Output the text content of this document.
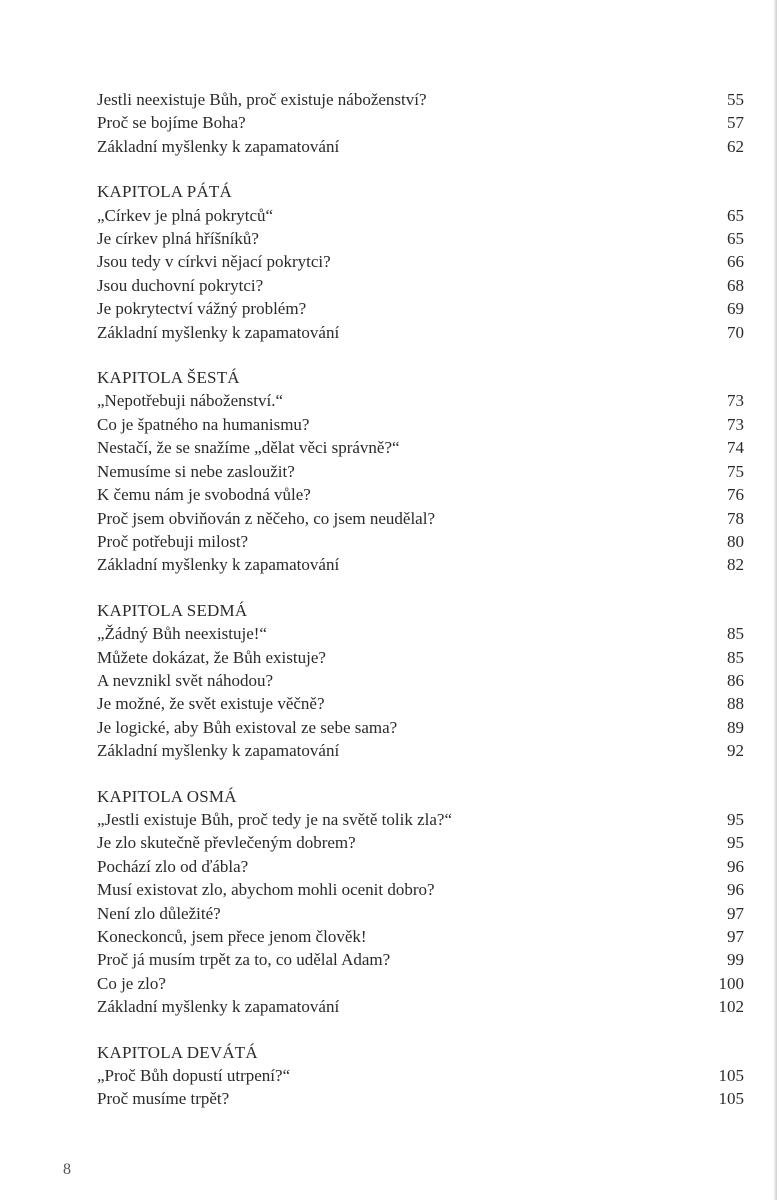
Jestli neexistuje Bůh, proč existuje náboženství?	55
Proč se bojíme Boha?	57
Základní myšlenky k zapamatování	62
KAPITOLA PÁTÁ
„Církev je plná pokrytců“	65
Je církev plná hříšníků?	65
Jsou tedy v církvi nějací pokrytci?	66
Jsou duchovní pokrytci?	68
Je pokrytectví vážný problém?	69
Základní myšlenky k zapamatování	70
KAPITOLA ŠESTÁ
„Nepotřebuji náboženství.“	73
Co je špatného na humanismu?	73
Nestačí, že se snažíme „dělat věci správně?“	74
Nemusíme si nebe zasloužit?	75
K čemu nám je svobodná vůle?	76
Proč jsem obviňován z něčeho, co jsem neudělal?	78
Proč potřebuji milost?	80
Základní myšlenky k zapamatování	82
KAPITOLA SEDMÁ
„Žádný Bůh neexistuje!“	85
Můžete dokázat, že Bůh existuje?	85
A nevznikl svět náhodou?	86
Je možné, že svět existuje věčně?	88
Je logické, aby Bůh existoval ze sebe sama?	89
Základní myšlenky k zapamatování	92
KAPITOLA OSMÁ
„Jestli existuje Bůh, proč tedy je na světě tolik zla?“	95
Je zlo skutečně převlečeným dobrem?	95
Pochází zlo od ďábla?	96
Musí existovat zlo, abychom mohli ocenit dobro?	96
Není zlo důležité?	97
Koneckonců, jsem přece jenom člověk!	97
Proč já musím trpět za to, co udělal Adam?	99
Co je zlo?	100
Základní myšlenky k zapamatování	102
KAPITOLA DEVÁTÁ
„Proč Bůh dopustí utrpení?“	105
Proč musíme trpět?	105
8
